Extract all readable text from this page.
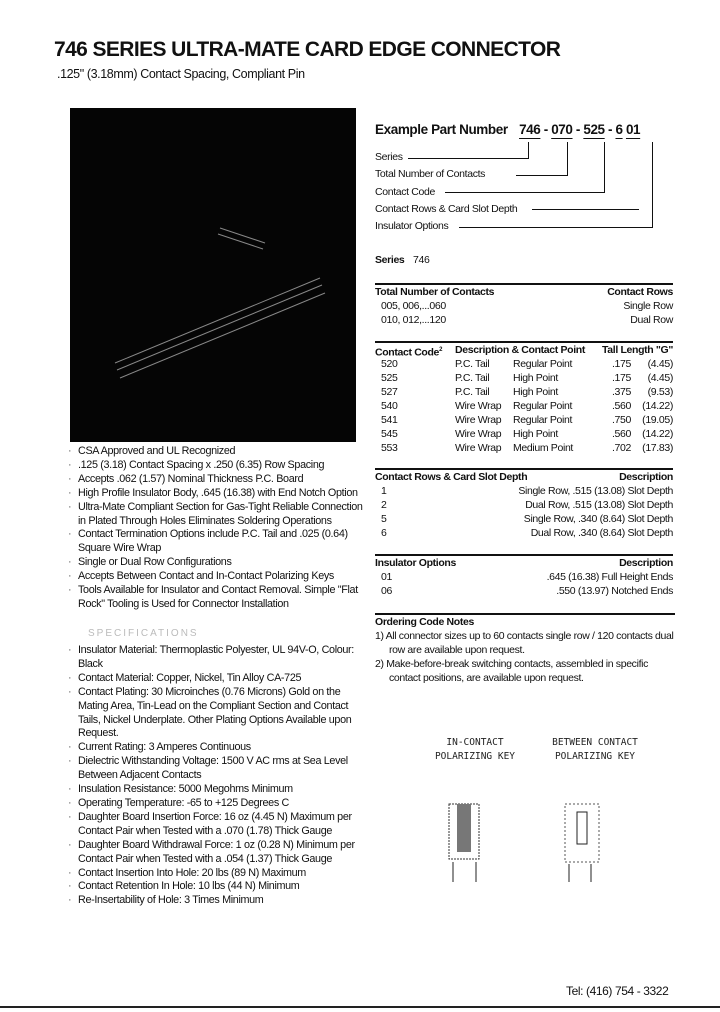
746 SERIES ULTRA-MATE CARD EDGE CONNECTOR
.125" (3.18mm) Contact Spacing, Compliant Pin
· CSA Approved and UL Recognized
· .125 (3.18) Contact Spacing x .250 (6.35) Row Spacing
· Accepts .062 (1.57) Nominal Thickness P.C. Board
· High Profile Insulator Body, .645 (16.38) with End Notch Option
· Ultra-Mate Compliant Section for Gas-Tight Reliable Connection in Plated Through Holes Eliminates Soldering Operations
· Contact Termination Options include P.C. Tail and .025 (0.64) Square Wire Wrap
· Single or Dual Row Configurations
· Accepts Between Contact and In-Contact Polarizing Keys
· Tools Available for Insulator and Contact Removal. Simple "Flat Rock" Tooling is Used for Connector Installation
SPECIFICATIONS
· Insulator Material: Thermoplastic Polyester, UL 94V-O, Colour: Black
· Contact Material: Copper, Nickel, Tin Alloy CA-725
· Contact Plating: 30 Microinches (0.76 Microns) Gold on the Mating Area, Tin-Lead on the Compliant Section and Contact Tails, Nickel Underplate. Other Plating Options Available upon Request.
· Current Rating: 3 Amperes Continuous
· Dielectric Withstanding Voltage: 1500 V AC rms at Sea Level Between Adjacent Contacts
· Insulation Resistance: 5000 Megohms Minimum
· Operating Temperature: -65 to +125 Degrees C
· Daughter Board Insertion Force: 16 oz (4.45 N) Maximum per Contact Pair when Tested with a .070 (1.78) Thick Gauge
· Daughter Board Withdrawal Force: 1 oz (0.28 N) Minimum per Contact Pair when Tested with a .054 (1.37) Thick Gauge
· Contact Insertion Into Hole: 20 lbs (89 N) Maximum
· Contact Retention In Hole: 10 lbs (44 N) Minimum
· Re-Insertability of Hole: 3 Times Minimum
Example Part Number 746 - 070 - 525 - 6 01
Series
Total Number of Contacts
Contact Code
Contact Rows & Card Slot Depth
Insulator Options
Series 746
Total Number of Contacts	Contact Rows
005, 006,...060	Single Row
010, 012,...120	Dual Row
Contact Code$^2$	Description & Contact Point	Tall Length "G"
520	P.C. Tail	Regular Point	.175	(4.45)
525	P.C. Tail	High Point	.175	(4.45)
527	P.C. Tail	High Point	.375	(9.53)
540	Wire Wrap	Regular Point	.560	(14.22)
541	Wire Wrap	Regular Point	.750	(19.05)
545	Wire Wrap	High Point	.560	(14.22)
553	Wire Wrap	Medium Point	.702	(17.83)
Contact Rows & Card Slot Depth	Description
1	Single Row, .515 (13.08) Slot Depth
2	Dual Row, .515 (13.08) Slot Depth
5	Single Row, .340 (8.64) Slot Depth
6	Dual Row, .340 (8.64) Slot Depth
Insulator Options	Description
01	.645 (16.38) Full Height Ends
06	.550 (13.97) Notched Ends
Ordering Code Notes
1) All connector sizes up to 60 contacts single row / 120 contacts dual row are available upon request.
2) Make-before-break switching contacts, assembled in specific contact positions, are available upon request.
IN-CONTACT
POLARIZING KEY
BETWEEN CONTACT
POLARIZING KEY
Tel: (416) 754 - 3322
